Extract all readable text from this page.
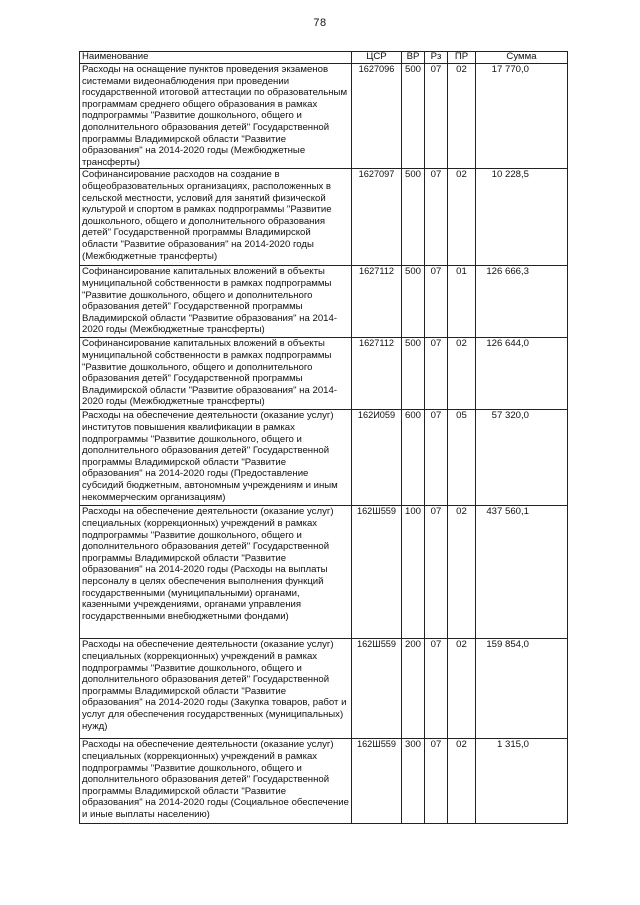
78
Наименование	ЦСР	ВР	Рз	ПР	Сумма
Расходы на оснащение пунктов проведения экзаменов системами видеонаблюдения при проведении государственной итоговой аттестации по образовательным программам среднего общего образования в рамках подпрограммы "Развитие дошкольного, общего и дополнительного образования детей" Государственной программы Владимирской области "Развитие образования" на 2014-2020 годы (Межбюджетные трансферты)	1627096	500	07	02	17 770,0
Софинансирование расходов на создание в общеобразовательных организациях, расположенных в сельской местности, условий для занятий физической культурой и спортом в рамках подпрограммы "Развитие дошкольного, общего и дополнительного образования детей" Государственной программы Владимирской области "Развитие образования" на 2014-2020 годы (Межбюджетные трансферты)	1627097	500	07	02	10 228,5
Софинансирование капитальных вложений в объекты муниципальной собственности в рамках подпрограммы "Развитие дошкольного, общего и дополнительного образования детей" Государственной программы Владимирской области "Развитие образования" на 2014-2020 годы (Межбюджетные трансферты)	1627112	500	07	01	126 666,3
Софинансирование капитальных вложений в объекты муниципальной собственности в рамках подпрограммы "Развитие дошкольного, общего и дополнительного образования детей" Государственной программы Владимирской области "Развитие образования" на 2014-2020 годы (Межбюджетные трансферты)	1627112	500	07	02	126 644,0
Расходы на обеспечение деятельности (оказание услуг) институтов повышения квалификации в рамках подпрограммы "Развитие дошкольного, общего и дополнительного образования детей" Государственной программы Владимирской области "Развитие образования" на 2014-2020 годы (Предоставление субсидий бюджетным, автономным учреждениям и иным некоммерческим организациям)	162И059	600	07	05	57 320,0
Расходы на обеспечение деятельности (оказание услуг) специальных (коррекционных) учреждений в рамках подпрограммы "Развитие дошкольного, общего и дополнительного образования детей" Государственной программы Владимирской области "Развитие образования" на 2014-2020 годы (Расходы на выплаты персоналу в целях обеспечения выполнения функций государственными (муниципальными) органами, казенными учреждениями, органами управления государственными внебюджетными фондами)	162Ш559	100	07	02	437 560,1
Расходы на обеспечение деятельности (оказание услуг) специальных (коррекционных) учреждений в рамках подпрограммы "Развитие дошкольного, общего и дополнительного образования детей" Государственной программы Владимирской области "Развитие образования" на 2014-2020 годы (Закупка товаров, работ и услуг для обеспечения государственных (муниципальных) нужд)	162Ш559	200	07	02	159 854,0
Расходы на обеспечение деятельности (оказание услуг) специальных (коррекционных) учреждений в рамках подпрограммы "Развитие дошкольного, общего и дополнительного образования детей" Государственной программы Владимирской области "Развитие образования" на 2014-2020 годы (Социальное обеспечение и иные выплаты населению)	162Ш559	300	07	02	1 315,0
